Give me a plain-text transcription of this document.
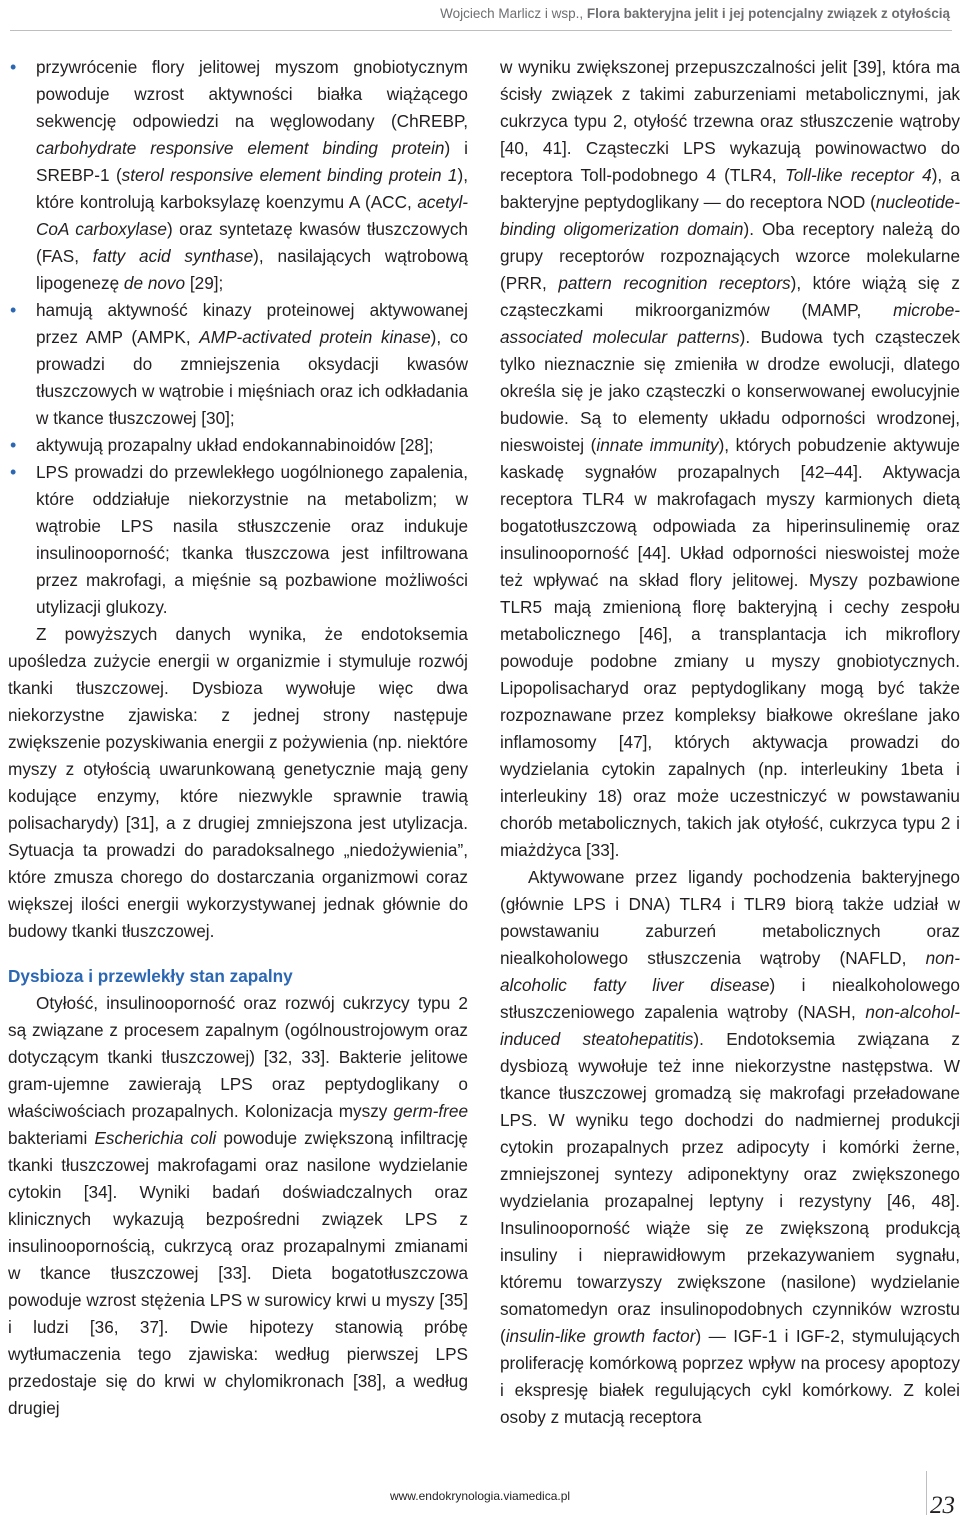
Wojciech Marlicz i wsp., Flora bakteryjna jelit i jej potencjalny związek z otyłością
• przywrócenie flory jelitowej myszom gnobiotycznym powoduje wzrost aktywności białka wiążącego sekwencję odpowiedzi na węglowodany (ChREBP, carbohydrate responsive element binding protein) i SREBP-1 (sterol responsive element binding protein 1), które kontrolują karboksylazę koenzymu A (ACC, acetyl-CoA carboxylase) oraz syntetazę kwasów tłuszczowych (FAS, fatty acid synthase), nasilających wątrobową lipogenezę de novo [29];
• hamują aktywność kinazy proteinowej aktywowanej przez AMP (AMPK, AMP-activated protein kinase), co prowadzi do zmniejszenia oksydacji kwasów tłuszczowych w wątrobie i mięśniach oraz ich odkładania w tkance tłuszczowej [30];
• aktywują prozapalny układ endokannabinoidów [28];
• LPS prowadzi do przewlekłego uogólnionego zapalenia, które oddziałuje niekorzystnie na metabolizm; w wątrobie LPS nasila stłuszczenie oraz indukuje insulinooporność; tkanka tłuszczowa jest infiltrowana przez makrofagi, a mięśnie są pozbawione możliwości utylizacji glukozy.

Z powyższych danych wynika, że endotoksemia upośledza zużycie energii w organizmie i stymuluje rozwój tkanki tłuszczowej. Dysbioza wywołuje więc dwa niekorzystne zjawiska: z jednej strony następuje zwiększenie pozyskiwania energii z pożywienia (np. niektóre myszy z otyłością uwarunkowaną genetycznie mają geny kodujące enzymy, które niezwykle sprawnie trawią polisacharydy) [31], a z drugiej zmniejszona jest utylizacja. Sytuacja ta prowadzi do paradoksalnego „niedożywienia”, które zmusza chorego do dostarczania organizmowi coraz większej ilości energii wykorzystywanej jednak głównie do budowy tkanki tłuszczowej.

Dysbioza i przewlekły stan zapalny

Otyłość, insulinooporność oraz rozwój cukrzycy typu 2 są związane z procesem zapalnym (ogólnoustrojowym oraz dotyczącym tkanki tłuszczowej) [32, 33]. Bakterie jelitowe gram-ujemne zawierają LPS oraz peptydoglikany o właściwościach prozapalnych. Kolonizacja myszy germ-free bakteriami Escherichia coli powoduje zwiększoną infiltrację tkanki tłuszczowej makrofagami oraz nasilone wydzielanie cytokin [34]. Wyniki badań doświadczalnych oraz klinicznych wykazują bezpośredni związek LPS z insulinoopornością, cukrzycą oraz prozapalnymi zmianami w tkance tłuszczowej [33]. Dieta bogatotłuszczowa powoduje wzrost stężenia LPS w surowicy krwi u myszy [35] i ludzi [36, 37]. Dwie hipotezy stanowią próbę wytłumaczenia tego zjawiska: według pierwszej LPS przedostaje się do krwi w chylomikronach [38], a według drugiej

w wyniku zwiększonej przepuszczalności jelit [39], która ma ścisły związek z takimi zaburzeniami metabolicznymi, jak cukrzyca typu 2, otyłość trzewna oraz stłuszczenie wątroby [40, 41]. Cząsteczki LPS wykazują powinowactwo do receptora Toll-podobnego 4 (TLR4, Toll-like receptor 4), a bakteryjne peptydoglikany — do receptora NOD (nucleotide-binding oligomerization domain). Oba receptory należą do grupy receptorów rozpoznających wzorce molekularne (PRR, pattern recognition receptors), które wiążą się z cząsteczkami mikroorganizmów (MAMP, microbe-associated molecular patterns). Budowa tych cząsteczek tylko nieznacznie się zmieniła w drodze ewolucji, dlatego określa się je jako cząsteczki o konserwowanej ewolucyjnie budowie. Są to elementy układu odporności wrodzonej, nieswoistej (innate immunity), których pobudzenie aktywuje kaskadę sygnałów prozapalnych [42–44]. Aktywacja receptora TLR4 w makrofagach myszy karmionych dietą bogatotłuszczową odpowiada za hiperinsulinemię oraz insulinooporność [44]. Układ odporności nieswoistej może też wpływać na skład flory jelitowej. Myszy pozbawione TLR5 mają zmienioną florę bakteryjną i cechy zespołu metabolicznego [46], a transplantacja ich mikroflory powoduje podobne zmiany u myszy gnobiotycznych. Lipopolisacharyd oraz peptydoglikany mogą być także rozpoznawane przez kompleksy białkowe określane jako inflamosomy [47], których aktywacja prowadzi do wydzielania cytokin zapalnych (np. interleukiny 1beta i interleukiny 18) oraz może uczestniczyć w powstawaniu chorób metabolicznych, takich jak otyłość, cukrzyca typu 2 i miażdżyca [33].

Aktywowane przez ligandy pochodzenia bakteryjnego (głównie LPS i DNA) TLR4 i TLR9 biorą także udział w powstawaniu zaburzeń metabolicznych oraz niealkoholowego stłuszczenia wątroby (NAFLD, non-alcoholic fatty liver disease) i niealkoholowego stłuszczeniowego zapalenia wątroby (NASH, non-alcohol-induced steatohepatitis). Endotoksemia związana z dysbiozą wywołuje też inne niekorzystne następstwa. W tkance tłuszczowej gromadzą się makrofagi przeładowane LPS. W wyniku tego dochodzi do nadmiernej produkcji cytokin prozapalnych przez adipocyty i komórki żerne, zmniejszonej syntezy adiponektyny oraz zwiększonego wydzielania prozapalnej leptyny i rezystyny [46, 48]. Insulinooporność wiąże się ze zwiększoną produkcją insuliny i nieprawidłowym przekazywaniem sygnału, któremu towarzyszy zwiększone (nasilone) wydzielanie somatomedyn oraz insulinopodobnych czynników wzrostu (insulin-like growth factor) — IGF-1 i IGF-2, stymulujących proliferację komórkową poprzez wpływ na procesy apoptozy i ekspresję białek regulujących cykl komórkowy. Z kolei osoby z mutacją receptora

www.endokrynologia.viamedica.pl	23
